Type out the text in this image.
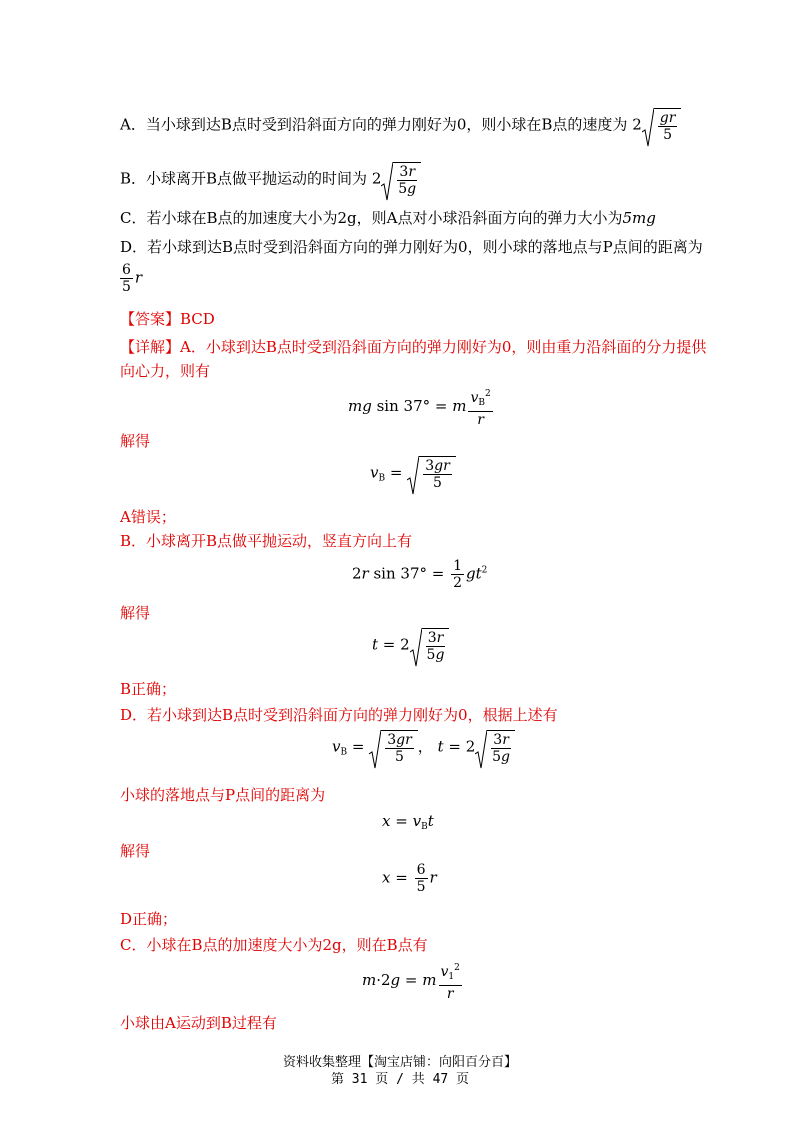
A．当小球到达B点时受到沿斜面方向的弹力刚好为0，则小球在B点的速度为 $2 \frac{gr}{5}$
B．小球离开B点做平抛运动的时间为 $2 \frac{3r}{5g}$
C．若小球在B点的加速度大小为2g，则A点对小球沿斜面方向的弹力大小为5mg
D．若小球到达B点时受到沿斜面方向的弹力刚好为0，则小球的落地点与P点间的距离为
$\frac{6}{5}$ r
【答案】BCD
【详解】A．小球到达B点时受到沿斜面方向的弹力刚好为0，则由重力沿斜面的分力提供
向心力，则有
mg sin 37° = m $\frac{v_B^2}{r}$
解得
$v_B = \frac{3gr}{5}$
A错误；
B．小球离开B点做平抛运动，竖直方向上有
2r $\sin 37^\circ = \frac{1}{2} gt^2$
解得
$t = 2 \frac{3r}{5g}$
B正确；
D．若小球到达B点时受到沿斜面方向的弹力刚好为0，根据上述有
$v_B = \frac{3gr}{5}$ ， $t = 2 \frac{3r}{5g}$
小球的落地点与P点间的距离为
$x = v_Bt$
解得
$x = \frac{6}{5}$ r
D正确；
C．小球在B点的加速度大小为2g，则在B点有
m·2g = m $\frac{v_1^2}{r}$
小球由A运动到B过程有
资料收集整理【淘宝店铺：向阳百分百】
第 31 页 / 共 47 页
